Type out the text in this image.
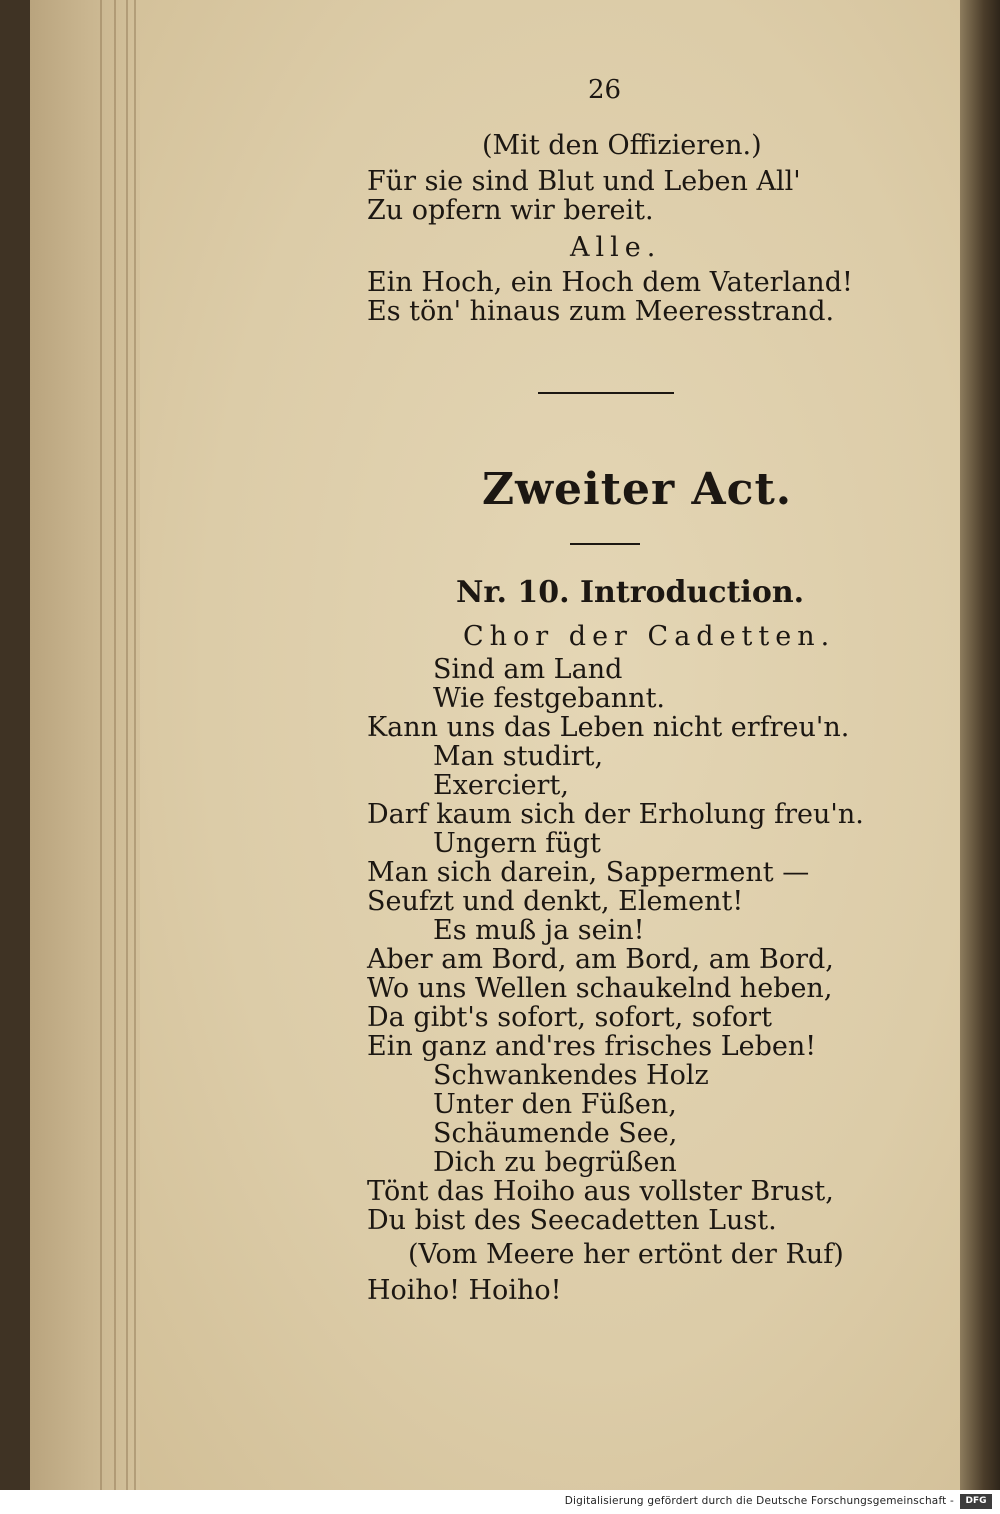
26
(Mit den Offizieren.)
Für sie sind Blut und Leben All'
Zu opfern wir bereit.
Alle.
Ein Hoch, ein Hoch dem Vaterland!
Es tön' hinaus zum Meeresstrand.
Zweiter Act.
Nr. 10. Introduction.
Chor der Cadetten.
Sind am Land
Wie festgebannt.
Kann uns das Leben nicht erfreu'n.
Man studirt,
Exerciert,
Darf kaum sich der Erholung freu'n.
Ungern fügt
Man sich darein, Sapperment —
Seufzt und denkt, Element!
Es muß ja sein!
Aber am Bord, am Bord, am Bord,
Wo uns Wellen schaukelnd heben,
Da gibt's sofort, sofort, sofort
Ein ganz and'res frisches Leben!
Schwankendes Holz
Unter den Füßen,
Schäumende See,
Dich zu begrüßen
Tönt das Hoiho aus vollster Brust,
Du bist des Seecadetten Lust.
(Vom Meere her ertönt der Ruf)
Hoiho! Hoiho!
Digitalisierung gefördert durch die Deutsche Forschungsgemeinschaft -	DFG
